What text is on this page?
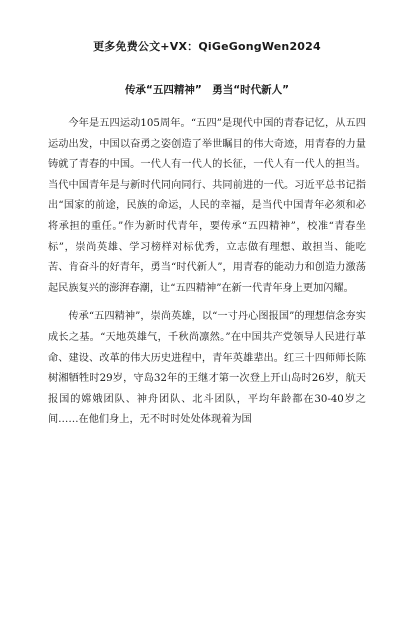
更多免费公文+VX：QiGeGongWen2024
传承“五四精神”　勇当“时代新人”

今年是五四运动105周年。“五四”是现代中国的青春记忆，从五四运动出发，中国以奋勇之姿创造了举世瞩目的伟大奇迹，用青春的力量铸就了青春的中国。一代人有一代人的长征，一代人有一代人的担当。当代中国青年是与新时代同向同行、共同前进的一代。习近平总书记指出“国家的前途，民族的命运，人民的幸福，是当代中国青年必须和必将承担的重任。”作为新时代青年，要传承“五四精神”，校准“青春坐标”，崇尚英雄、学习榜样对标优秀，立志做有理想、敢担当、能吃苦、肯奋斗的好青年，勇当“时代新人”，用青春的能动力和创造力激荡起民族复兴的澎湃春潮，让“五四精神”在新一代青年身上更加闪耀。

传承“五四精神”，崇尚英雄，以“一寸丹心图报国”的理想信念夯实成长之基。“天地英雄气，千秋尚凛然。”在中国共产党领导人民进行革命、建设、改革的伟大历史进程中，青年英雄辈出。红三十四师师长陈树湘牺牲时29岁，守岛32年的王继才第一次登上开山岛时26岁，航天报国的嫦娥团队、神舟团队、北斗团队，平均年龄都在30-40岁之间……在他们身上，无不时时处处体现着为国
